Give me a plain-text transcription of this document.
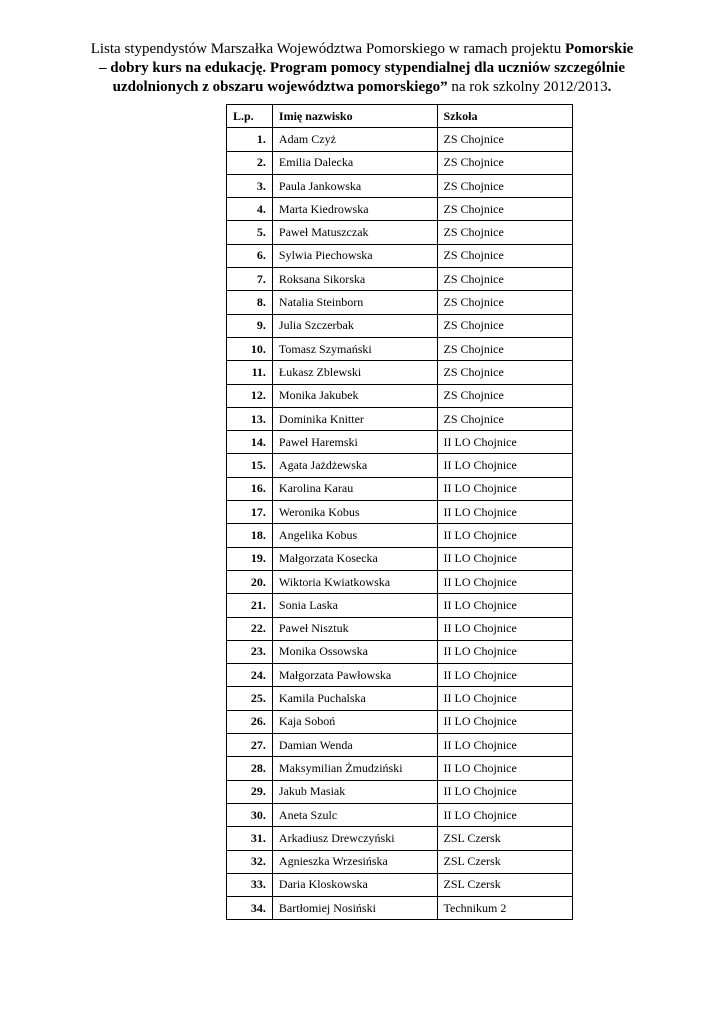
Lista stypendystów Marszałka Województwa Pomorskiego w ramach projektu Pomorskie – dobry kurs na edukację. Program pomocy stypendialnej dla uczniów szczególnie uzdolnionych z obszaru województwa pomorskiego” na rok szkolny 2012/2013.
L.p.	Imię nazwisko	Szkoła
1.	Adam Czyż	ZS Chojnice
2.	Emilia Dalecka	ZS Chojnice
3.	Paula Jankowska	ZS Chojnice
4.	Marta Kiedrowska	ZS Chojnice
5.	Paweł Matuszczak	ZS Chojnice
6.	Sylwia Piechowska	ZS Chojnice
7.	Roksana Sikorska	ZS Chojnice
8.	Natalia Steinborn	ZS Chojnice
9.	Julia Szczerbak	ZS Chojnice
10.	Tomasz Szymański	ZS Chojnice
11.	Łukasz Zblewski	ZS Chojnice
12.	Monika Jakubek	ZS Chojnice
13.	Dominika Knitter	ZS Chojnice
14.	Paweł Haremski	II LO Chojnice
15.	Agata Jażdżewska	II LO Chojnice
16.	Karolina Karau	II LO Chojnice
17.	Weronika Kobus	II LO Chojnice
18.	Angelika Kobus	II LO Chojnice
19.	Małgorzata Kosecka	II LO Chojnice
20.	Wiktoria Kwiatkowska	II LO Chojnice
21.	Sonia Laska	II LO Chojnice
22.	Paweł Nisztuk	II LO Chojnice
23.	Monika Ossowska	II LO Chojnice
24.	Małgorzata Pawłowska	II LO Chojnice
25.	Kamila Puchalska	II LO Chojnice
26.	Kaja Soboń	II LO Chojnice
27.	Damian Wenda	II LO Chojnice
28.	Maksymilian Żmudziński	II LO Chojnice
29.	Jakub Masiak	II LO Chojnice
30.	Aneta Szulc	II LO Chojnice
31.	Arkadiusz Drewczyński	ZSL Czersk
32.	Agnieszka Wrzesińska	ZSL Czersk
33.	Daria Kloskowska	ZSL Czersk
34.	Bartłomiej Nosiński	Technikum 2
